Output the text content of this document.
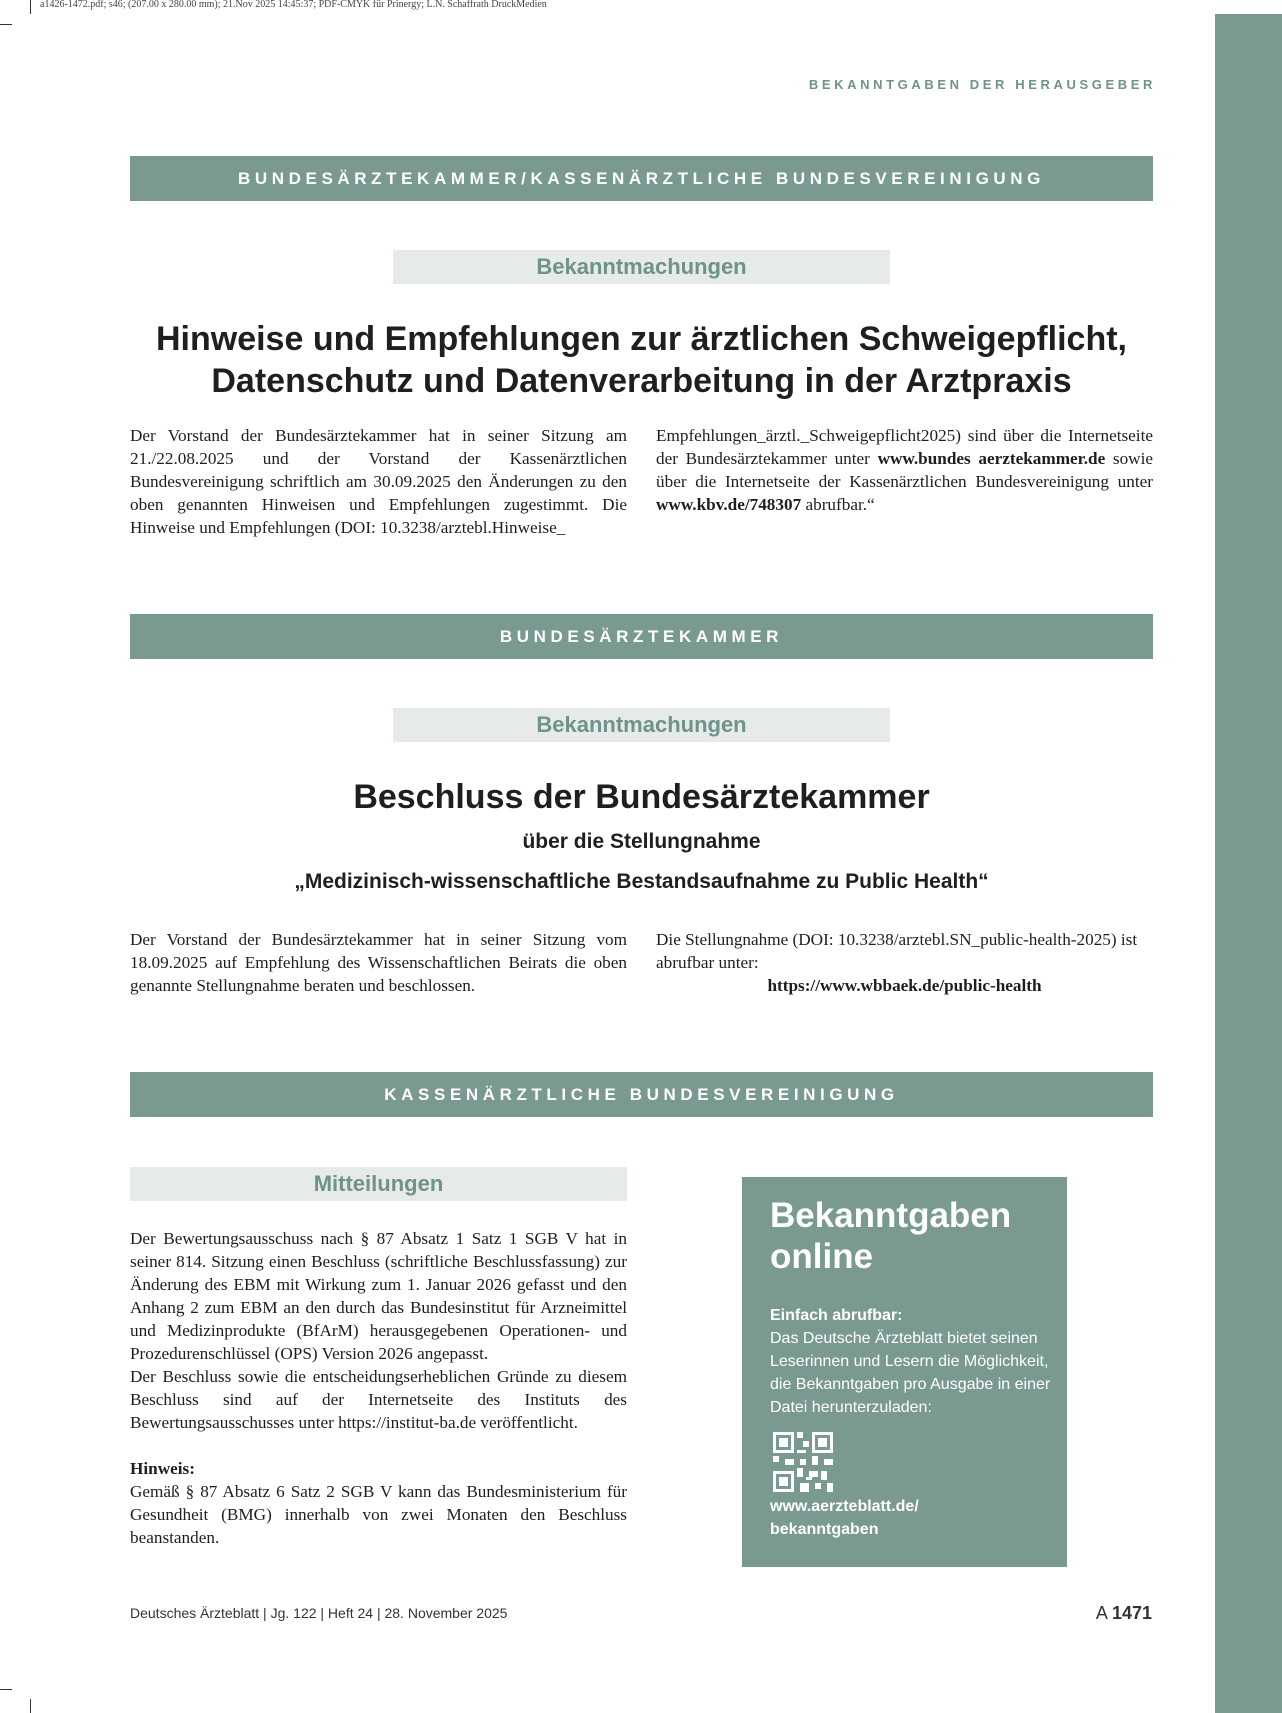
a1426-1472.pdf; s46; (207.00 x 280.00 mm); 21.Nov 2025 14:45:37; PDF-CMYK für Prinergy; L.N. Schaffrath DruckMedien
BEKANNTGABEN DER HERAUSGEBER
BUNDESÄRZTEKAMMER/KASSENÄRZTLICHE BUNDESVEREINIGUNG
Bekanntmachungen
Hinweise und Empfehlungen zur ärztlichen Schweigepflicht,
Datenschutz und Datenverarbeitung in der Arztpraxis

Der Vorstand der Bundesärztekammer hat in seiner Sitzung am 21./22.08.2025 und der Vorstand der Kassenärztlichen Bundesvereinigung schriftlich am 30.09.2025 den Änderungen zu den oben genannten Hinweisen und Empfehlungen zugestimmt. Die Hinweise und Empfehlungen (DOI: 10.3238/arztebl.Hinweise_

Empfehlungen_ärztl._Schweigepflicht2025) sind über die Internetseite der Bundesärztekammer unter www.bundes aerztekammer.de sowie über die Internetseite der Kassenärztlichen Bundesvereinigung unter www.kbv.de/748307 abrufbar.“

BUNDESÄRZTEKAMMER
Bekanntmachungen
Beschluss der Bundesärztekammer
über die Stellungnahme
„Medizinisch-wissenschaftliche Bestandsaufnahme zu Public Health“

Der Vorstand der Bundesärztekammer hat in seiner Sitzung vom 18.09.2025 auf Empfehlung des Wissenschaftlichen Beirats die oben genannte Stellungnahme beraten und beschlossen.

Die Stellungnahme (DOI: 10.3238/arztebl.SN_public-health-2025) ist abrufbar unter:

https://www.wbbaek.de/public-health

KASSENÄRZTLICHE BUNDESVEREINIGUNG
Mitteilungen

Der Bewertungsausschuss nach § 87 Absatz 1 Satz 1 SGB V hat in seiner 814. Sitzung einen Beschluss (schriftliche Beschlussfassung) zur Änderung des EBM mit Wirkung zum 1. Januar 2026 gefasst und den Anhang 2 zum EBM an den durch das Bundesinstitut für Arzneimittel und Medizinprodukte (BfArM) herausgegebenen Operationen- und Prozedurenschlüssel (OPS) Version 2026 angepasst.

Der Beschluss sowie die entscheidungserheblichen Gründe zu diesem Beschluss sind auf der Internetseite des Instituts des Bewertungsausschusses unter https://institut-ba.de veröffentlicht.

Hinweis:

Gemäß § 87 Absatz 6 Satz 2 SGB V kann das Bundesministerium für Gesundheit (BMG) innerhalb von zwei Monaten den Beschluss beanstanden.

Bekanntgaben
online
Einfach abrufbar:
Das Deutsche Ärzteblatt bietet seinen Leserinnen und Lesern die Möglichkeit, die Bekanntgaben pro Ausgabe in einer Datei herunterzuladen:
www.aerzteblatt.de/
bekanntgaben
Deutsches Ärzteblatt | Jg. 122 | Heft 24 | 28. November 2025	A 1471
